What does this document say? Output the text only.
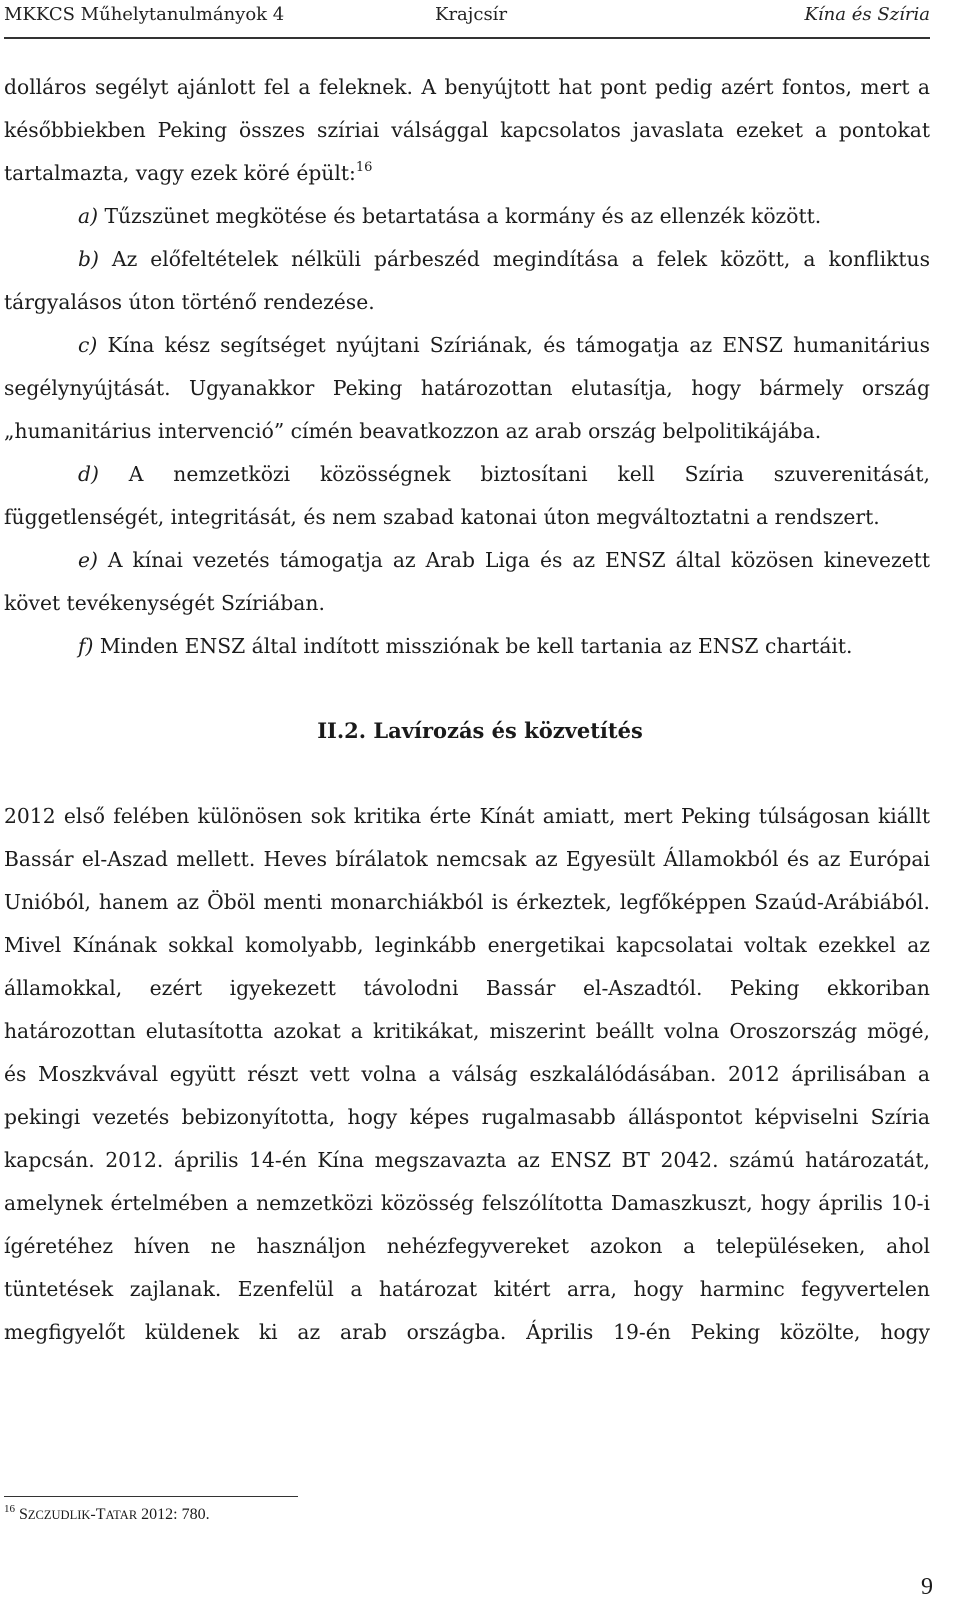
MKKCS Műhelytanulmányok 4	Krajcsír	Kína és Szíria
dolláros segélyt ajánlott fel a feleknek. A benyújtott hat pont pedig azért fontos, mert a
későbbiekben Peking összes szíriai válsággal kapcsolatos javaslata ezeket a pontokat
tartalmazta, vagy ezek köré épült:$^{16}$
a) Tűzszünet megkötése és betartatása a kormány és az ellenzék között.
b) Az előfeltételek nélküli párbeszéd megindítása a felek között, a konfliktus
tárgyalásos úton történő rendezése.
c) Kína kész segítséget nyújtani Szíriának, és támogatja az ENSZ humanitárius
segélynyújtását. Ugyanakkor Peking határozottan elutasítja, hogy bármely ország
„humanitárius intervenció” címén beavatkozzon az arab ország belpolitikájába.
d) A nemzetközi közösségnek biztosítani kell Szíria szuverenitását,
függetlenségét, integritását, és nem szabad katonai úton megváltoztatni a rendszert.
e) A kínai vezetés támogatja az Arab Liga és az ENSZ által közösen kinevezett
követ tevékenységét Szíriában.
f) Minden ENSZ által indított missziónak be kell tartania az ENSZ chartáit.
II.2. Lavírozás és közvetítés
2012 első felében különösen sok kritika érte Kínát amiatt, mert Peking túlságosan kiállt
Bassár el-Aszad mellett. Heves bírálatok nemcsak az Egyesült Államokból és az Európai
Unióból, hanem az Öböl menti monarchiákból is érkeztek, legfőképpen Szaúd-Arábiából.
Mivel Kínának sokkal komolyabb, leginkább energetikai kapcsolatai voltak ezekkel az
államokkal, ezért igyekezett távolodni Bassár el-Aszadtól. Peking ekkoriban
határozottan elutasította azokat a kritikákat, miszerint beállt volna Oroszország mögé,
és Moszkvával együtt részt vett volna a válság eszkalálódásában. 2012 áprilisában a
pekingi vezetés bebizonyította, hogy képes rugalmasabb álláspontot képviselni Szíria
kapcsán. 2012. április 14-én Kína megszavazta az ENSZ BT 2042. számú határozatát,
amelynek értelmében a nemzetközi közösség felszólította Damaszkuszt, hogy április 10-i
ígéretéhez híven ne használjon nehézfegyvereket azokon a településeken, ahol
tüntetések zajlanak. Ezenfelül a határozat kitért arra, hogy harminc fegyvertelen
megfigyelőt küldenek ki az arab országba. Április 19-én Peking közölte, hogy
$^{16}$ SZCZUDLIK-TATAR 2012: 780.
9
